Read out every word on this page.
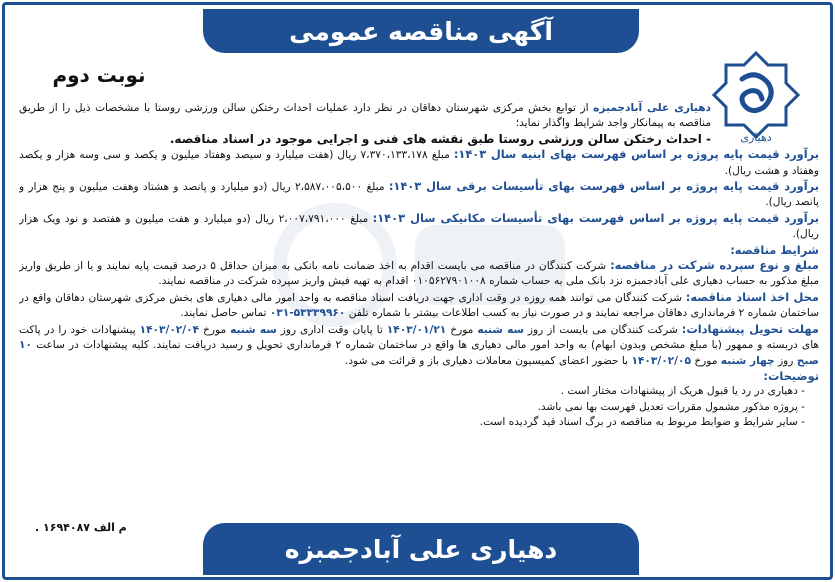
آگهی مناقصه عمومی
نوبت دوم
دهیاری

دهیاری علی آبادجمبزه از توابع بخش مرکزی شهرستان دهاقان در نظر دارد عملیات احداث رختکن سالن ورزشی روستا با مشخصات ذیل را از طریق مناقصه به پیمانکار واجد شرایط واگذار نماید؛

- احداث رختکن سالن ورزشی روستا طبق نقشه های فنی و اجرایی موجود در اسناد مناقصه.

برآورد قیمت پایه پروژه بر اساس فهرست بهای ابنیه سال ۱۴۰۳: مبلغ ۷،۳۷۰،۱۳۳،۱۷۸ ریال (هفت میلیارد و سیصد وهفتاد میلیون و یکصد و سی وسه هزار و یکصد وهفتاد و هشت ریال).

برآورد قیمت پایه پروژه بر اساس فهرست بهای تأسیسات برقی سال ۱۴۰۳: مبلغ ۲،۵۸۷،۰۰۵،۵۰۰ ریال (دو میلیارد و پانصد و هشتاد وهفت میلیون و پنج هزار و پانصد ریال).

برآورد قیمت پایه پروژه بر اساس فهرست بهای تأسیسات مکانیکی سال ۱۴۰۳: مبلغ ۲،۰۰۷،۷۹۱،۰۰۰ ریال (دو میلیارد و هفت میلیون و هفتصد و نود ویک هزار ریال).

شرایط مناقصه:

مبلغ و نوع سپرده شرکت در مناقصه: شرکت کنندگان در مناقصه می بایست اقدام به اخذ ضمانت نامه بانکی به میزان حداقل ۵ درصد قیمت پایه نمایند و یا از طریق واریز مبلغ مذکور به حساب دهیاری علی آبادجمبزه نزد بانک ملی به حساب شماره ۰۱۰۵۶۲۷۹۰۱۰۰۸ اقدام به تهیه فیش واریز سپرده شرکت در مناقصه نمایند.

محل اخذ اسناد مناقصه: شرکت کنندگان می توانند همه روزه در وقت اداری جهت دریافت اسناد مناقصه به واحد امور مالی دهیاری های بخش مرکزی شهرستان دهاقان واقع در ساختمان شماره ۲ فرمانداری دهاقان مراجعه نمایند و در صورت نیاز به کسب اطلاعات بیشتر با شماره تلفن ۵۳۳۳۹۹۶۰-۰۳۱ تماس حاصل نمایند.

مهلت تحویل پیشنهادات: شرکت کنندگان می بایست از روز سه شنبه مورخ ۱۴۰۳/۰۱/۲۱ تا پایان وقت اداری روز سه شنبه مورخ ۱۴۰۳/۰۲/۰۴ پیشنهادات خود را در پاکت های دربسته و ممهور (با مبلغ مشخص وبدون ابهام) به واحد امور مالی دهیاری ها واقع در ساختمان شماره ۲ فرمانداری تحویل و رسید دریافت نمایند. کلیه پیشنهادات در ساعت ۱۰ صبح روز چهار شنبه مورخ ۱۴۰۳/۰۲/۰۵ با حضور اعضای کمیسیون معاملات دهیاری باز و قرائت می شود.

توضیحات:

- دهیاری در رد یا قبول هریک از پیشنهادات مختار است .
- پروژه مذکور مشمول مقررات تعدیل فهرست بها نمی باشد.
- سایر شرایط و ضوابط مربوط به مناقصه در برگ اسناد قید گردیده است.
م الف ۱۶۹۴۰۸۷ .
دهیاری علی آبادجمبزه
